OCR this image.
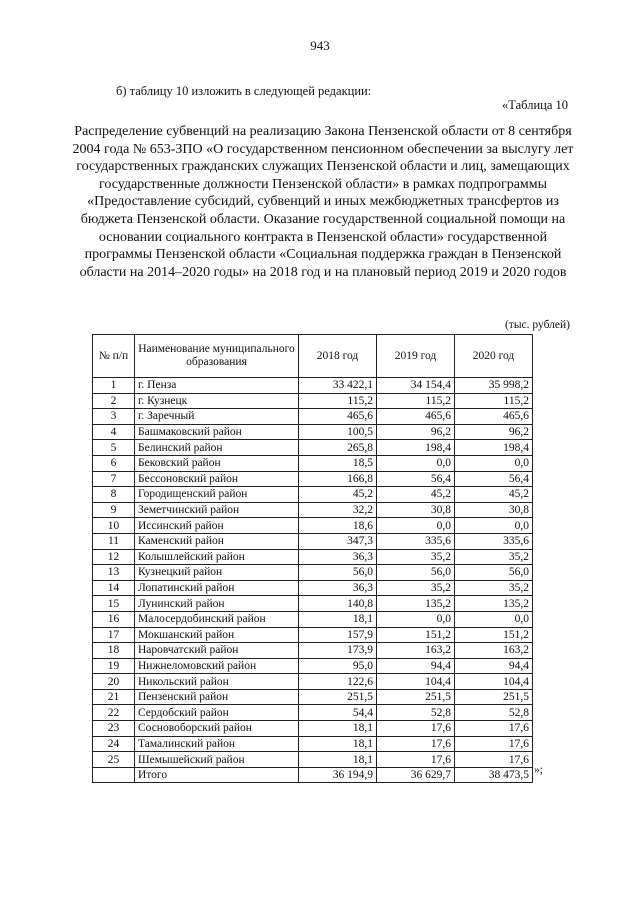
943
б) таблицу 10 изложить в следующей редакции:
«Таблица 10
Распределение субвенций на реализацию Закона Пензенской области от 8 сентября 2004 года № 653-ЗПО «О государственном пенсионном обеспечении за выслугу лет государственных гражданских служащих Пензенской области и лиц, замещающих государственные должности Пензенской области» в рамках подпрограммы «Предоставление субсидий, субвенций и иных межбюджетных трансфертов из бюджета Пензенской области. Оказание государственной социальной помощи на основании социального контракта в Пензенской области» государственной программы Пензенской области «Социальная поддержка граждан в Пензенской области на 2014–2020 годы» на 2018 год и на плановый период 2019 и 2020 годов
(тыс. рублей)
№ п/п	Наименование муниципального образования	2018 год	2019 год	2020 год
1	г. Пенза	33 422,1	34 154,4	35 998,2
2	г. Кузнецк	115,2	115,2	115,2
3	г. Заречный	465,6	465,6	465,6
4	Башмаковский район	100,5	96,2	96,2
5	Белинский район	265,8	198,4	198,4
6	Бековский район	18,5	0,0	0,0
7	Бессоновский район	166,8	56,4	56,4
8	Городищенский район	45,2	45,2	45,2
9	Земетчинский район	32,2	30,8	30,8
10	Иссинский район	18,6	0,0	0,0
11	Каменский район	347,3	335,6	335,6
12	Колышлейский район	36,3	35,2	35,2
13	Кузнецкий район	56,0	56,0	56,0
14	Лопатинский район	36,3	35,2	35,2
15	Лунинский район	140,8	135,2	135,2
16	Малосердобинский район	18,1	0,0	0,0
17	Мокшанский район	157,9	151,2	151,2
18	Наровчатский район	173,9	163,2	163,2
19	Нижнеломовский район	95,0	94,4	94,4
20	Никольский район	122,6	104,4	104,4
21	Пензенский район	251,5	251,5	251,5
22	Сердобский район	54,4	52,8	52,8
23	Сосновоборский район	18,1	17,6	17,6
24	Тамалинский район	18,1	17,6	17,6
25	Шемышейский район	18,1	17,6	17,6
	Итого	36 194,9	36 629,7	38 473,5 »;
